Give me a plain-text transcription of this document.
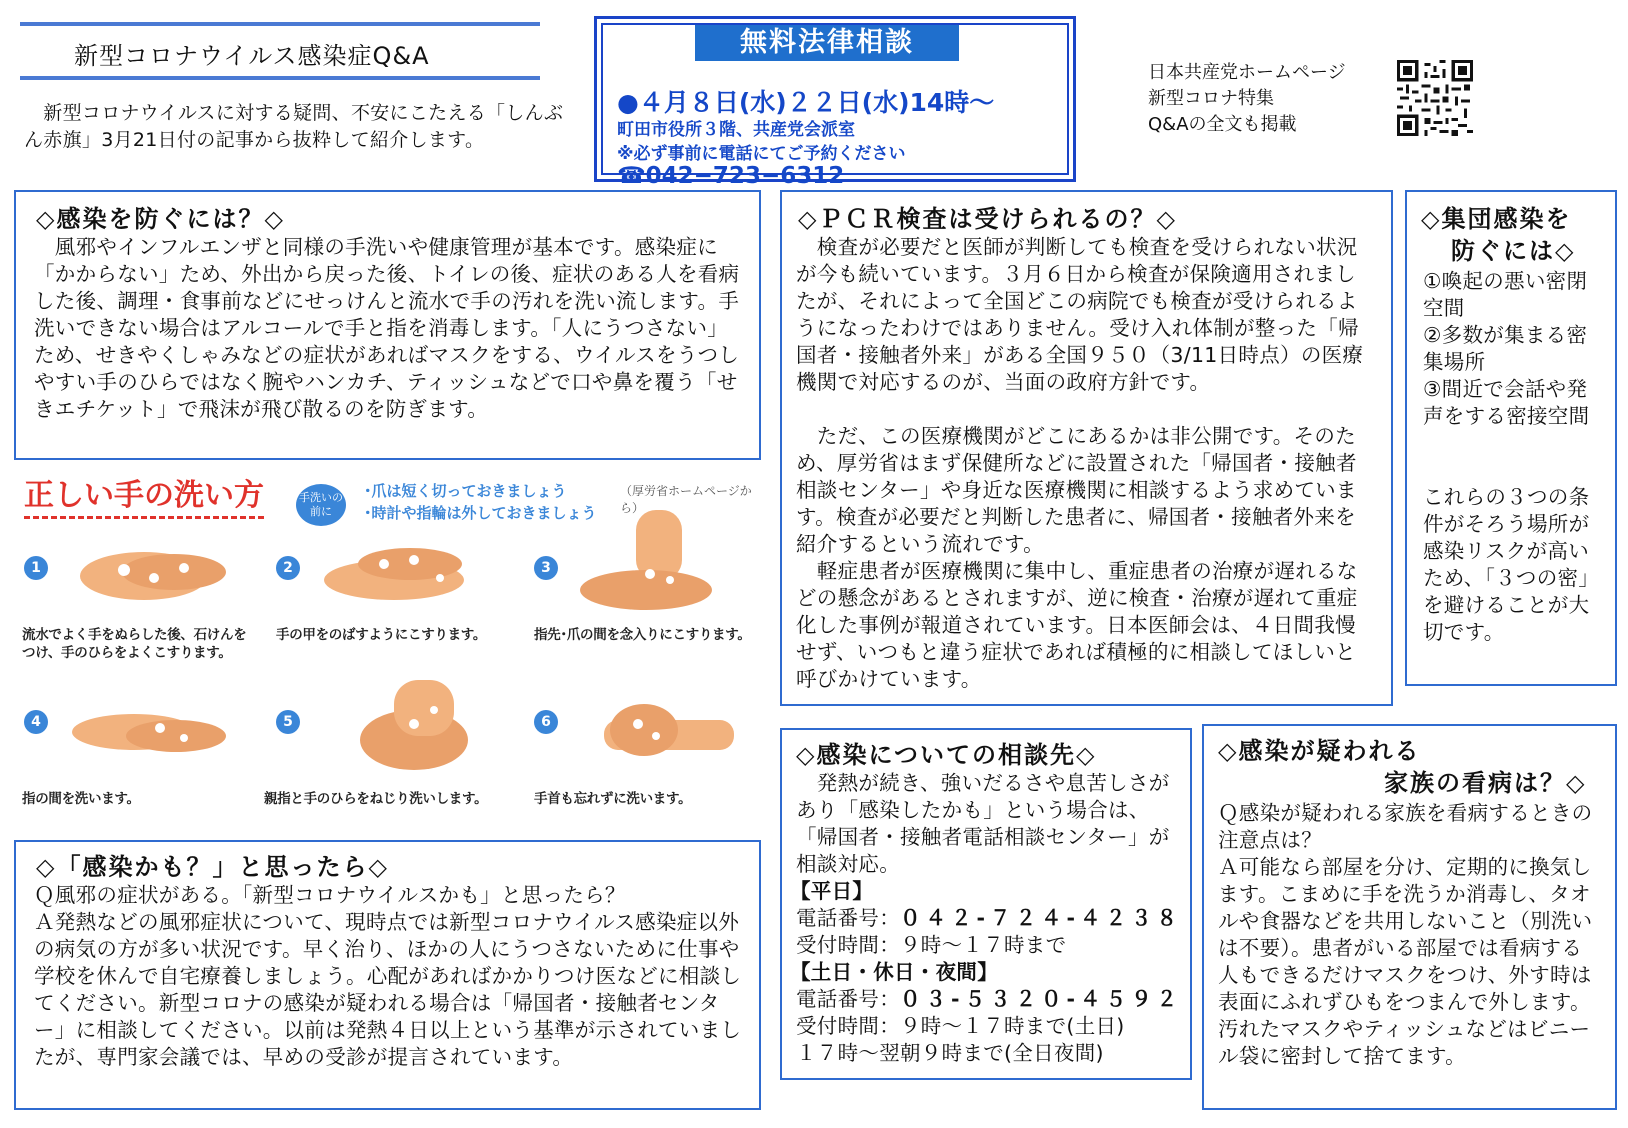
新型コロナウイルス感染症Q&A
　新型コロナウイルスに対する疑問、不安にこたえる「しんぶん赤旗」3月21日付の記事から抜粋して紹介します。
無料法律相談
●４月８日(水)２２日(水)14時～
町田市役所３階、共産党会派室
※必ず事前に電話にてご予約ください
☎042−723−6312
日本共産党ホームページ
新型コロナ特集
Q&Aの全文も掲載
◇感染を防ぐには？◇
　風邪やインフルエンザと同様の手洗いや健康管理が基本です。感染症に「かからない」ため、外出から戻った後、トイレの後、症状のある人を看病した後、調理・食事前などにせっけんと流水で手の汚れを洗い流します。手洗いできない場合はアルコールで手と指を消毒します。「人にうつさない」ため、せきやくしゃみなどの症状があればマスクをする、ウイルスをうつしやすい手のひらではなく腕やハンカチ、ティッシュなどで口や鼻を覆う「せきエチケット」で飛沫が飛び散るのを防ぎます。
正しい手の洗い方	手洗いの前に
･爪は短く切っておきましょう
･時計や指輪は外しておきましょう
（厚労省ホームページから）
1
流水でよく手をぬらした後、石けんをつけ、手のひらをよくこすります。
2
手の甲をのばすようにこすります。
3
指先･爪の間を念入りにこすります。
4
指の間を洗います。
5
親指と手のひらをねじり洗いします。
6
手首も忘れずに洗います。
◇「感染かも？」と思ったら◇
Ｑ風邪の症状がある。「新型コロナウイルスかも」と思ったら？
Ａ発熱などの風邪症状について、現時点では新型コロナウイルス感染症以外の病気の方が多い状況です。早く治り、ほかの人にうつさないために仕事や学校を休んで自宅療養しましょう。心配があればかかりつけ医などに相談してください。新型コロナの感染が疑われる場合は「帰国者・接触者センター」に相談してください。以前は発熱４日以上という基準が示されていましたが、専門家会議では、早めの受診が提言されています。
◇ＰＣＲ検査は受けられるの？◇
　検査が必要だと医師が判断しても検査を受けられない状況が今も続いています。３月６日から検査が保険適用されましたが、それによって全国どこの病院でも検査が受けられるようになったわけではありません。受け入れ体制が整った「帰国者・接触者外来」がある全国９５０（3/11日時点）の医療機関で対応するのが、当面の政府方針です。
　ただ、この医療機関がどこにあるかは非公開です。そのため、厚労省はまず保健所などに設置された「帰国者・接触者相談センター」や身近な医療機関に相談するよう求めています。検査が必要だと判断した患者に、帰国者・接触者外来を紹介するという流れです。
　軽症患者が医療機関に集中し、重症患者の治療が遅れるなどの懸念があるとされますが、逆に検査・治療が遅れて重症化した事例が報道されています。日本医師会は、４日間我慢せず、いつもと違う症状であれば積極的に相談してほしいと呼びかけています。
◇集団感染を
防ぐには◇
①喚起の悪い密閉空間
②多数が集まる密集場所
③間近で会話や発声をする密接空間
これらの３つの条件がそろう場所が感染リスクが高いため、「３つの密」を避けることが大切です。
◇感染についての相談先◇
　発熱が続き、強いだるさや息苦しさがあり「感染したかも」という場合は、「帰国者・接触者電話相談センター」が相談対応。
【平日】
電話番号：０４２-７２４-４２３８
受付時間：９時～１７時まで
【土日・休日・夜間】
電話番号：０３-５３２０-４５９２
受付時間：９時～１７時まで(土日)
１７時～翌朝９時まで(全日夜間)
◇感染が疑われる
家族の看病は？◇
Ｑ感染が疑われる家族を看病するときの注意点は？
Ａ可能なら部屋を分け、定期的に換気します。こまめに手を洗うか消毒し、タオルや食器などを共用しないこと（別洗いは不要）。患者がいる部屋では看病する人もできるだけマスクをつけ、外す時は表面にふれずひもをつまんで外します。汚れたマスクやティッシュなどはビニール袋に密封して捨てます。
